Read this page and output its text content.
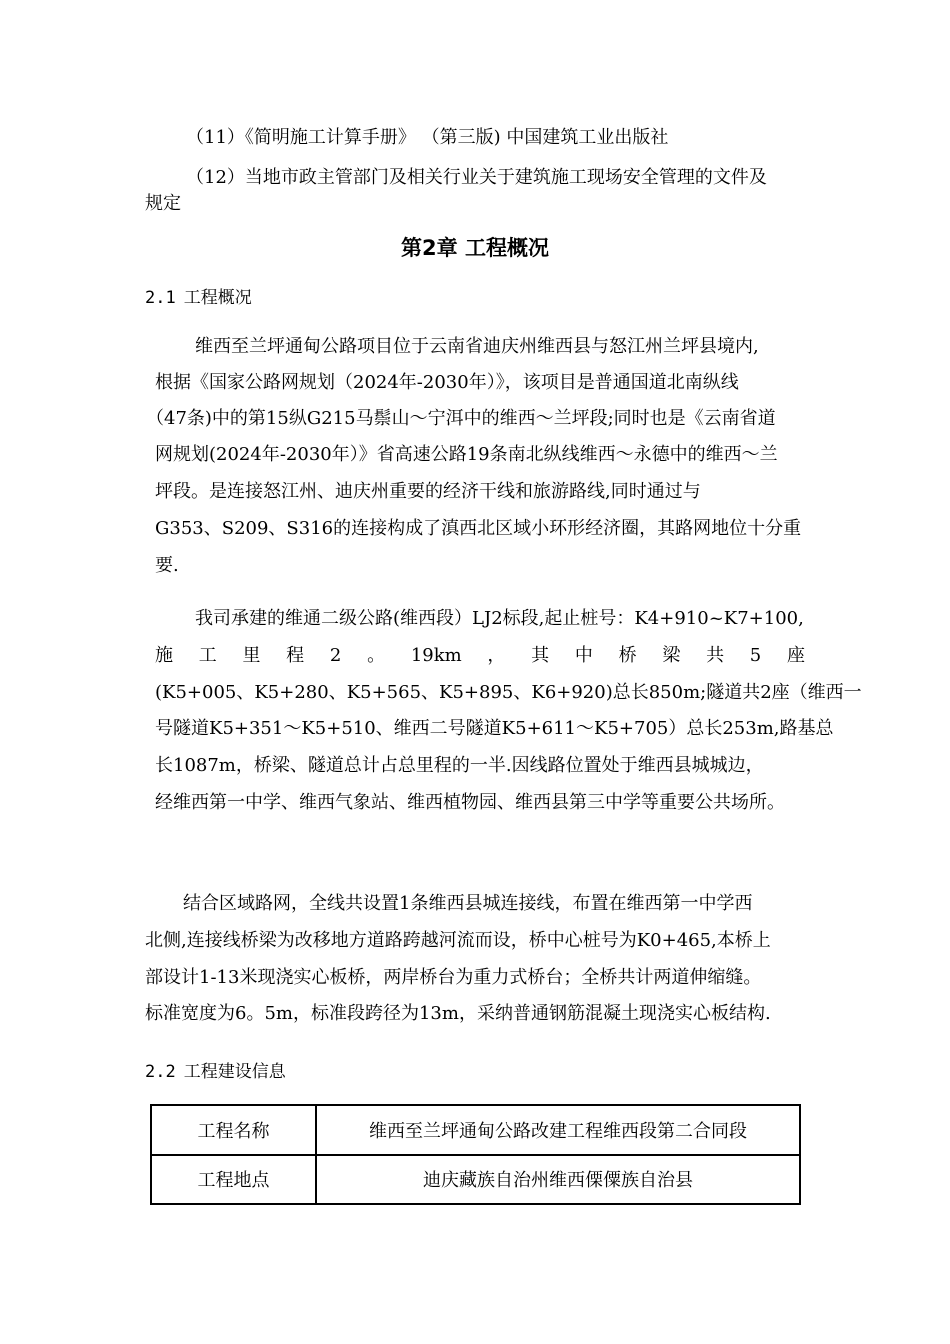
（11）《简明施工计算手册》 （第三版) 中国建筑工业出版社
（12）当地市政主管部门及相关行业关于建筑施工现场安全管理的文件及
规定
第2章 工程概况
2.1 工程概况
维西至兰坪通甸公路项目位于云南省迪庆州维西县与怒江州兰坪县境内,
根据《国家公路网规划（2024年-2030年）》，该项目是普通国道北南纵线
（47条)中的第15纵G215马鬃山～宁洱中的维西～兰坪段;同时也是《云南省道
网规划(2024年-2030年）》省高速公路19条南北纵线维西～永德中的维西～兰
坪段。是连接怒江州、迪庆州重要的经济干线和旅游路线,同时通过与
G353、S209、S316的连接构成了滇西北区域小环形经济圈，其路网地位十分重
要.
我司承建的维通二级公路(维西段）LJ2标段,起止桩号：K4+910~K7+100,
施工里程2。19km，其中桥梁共5座
(K5+005、K5+280、K5+565、K5+895、K6+920)总长850m;隧道共2座（维西一
号隧道K5+351～K5+510、维西二号隧道K5+611～K5+705）总长253m,路基总
长1087m，桥梁、隧道总计占总里程的一半.因线路位置处于维西县城城边，
经维西第一中学、维西气象站、维西植物园、维西县第三中学等重要公共场所。
结合区域路网，全线共设置1条维西县城连接线，布置在维西第一中学西
北侧,连接线桥梁为改移地方道路跨越河流而设，桥中心桩号为K0+465,本桥上
部设计1-13米现浇实心板桥，两岸桥台为重力式桥台；全桥共计两道伸缩缝。
标准宽度为6。5m，标准段跨径为13m，采纳普通钢筋混凝土现浇实心板结构.
2.2 工程建设信息
工程名称	维西至兰坪通甸公路改建工程维西段第二合同段
工程地点	迪庆藏族自治州维西傈僳族自治县
